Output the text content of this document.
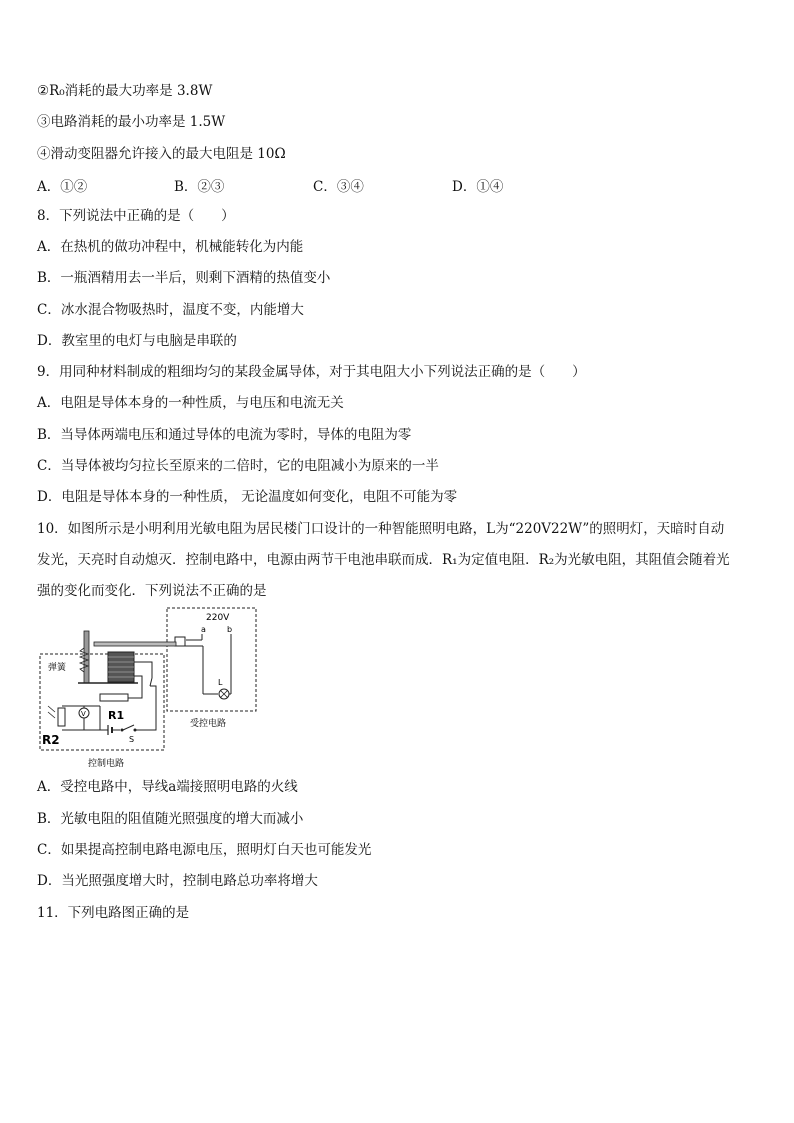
②R₀消耗的最大功率是 3.8W
③电路消耗的最小功率是 1.5W
④滑动变阻器允许接入的最大电阻是 10Ω
A．①②	B．②③	C．③④	D．①④
8．下列说法中正确的是（　　）
A．在热机的做功冲程中，机械能转化为内能
B．一瓶酒精用去一半后，则剩下酒精的热值变小
C．冰水混合物吸热时，温度不变，内能增大
D．教室里的电灯与电脑是串联的
9．用同种材料制成的粗细均匀的某段金属导体，对于其电阻大小下列说法正确的是（　　）
A．电阻是导体本身的一种性质，与电压和电流无关
B．当导体两端电压和通过导体的电流为零时，导体的电阻为零
C．当导体被均匀拉长至原来的二倍时，它的电阻减小为原来的一半
D．电阻是导体本身的一种性质， 无论温度如何变化，电阻不可能为零
10．如图所示是小明利用光敏电阻为居民楼门口设计的一种智能照明电路，L为“220V22W”的照明灯，天暗时自动
发光，天亮时自动熄灭．控制电路中，电源由两节干电池串联而成．R₁为定值电阻．R₂为光敏电阻，其阻值会随着光
强的变化而变化．下列说法不正确的是
220V
a	b
L
受控电路
弹簧
R1
V
R2	S
控制电路
A．受控电路中，导线a端接照明电路的火线
B．光敏电阻的阻值随光照强度的增大而减小
C．如果提高控制电路电源电压，照明灯白天也可能发光
D．当光照强度增大时，控制电路总功率将增大
11．下列电路图正确的是
